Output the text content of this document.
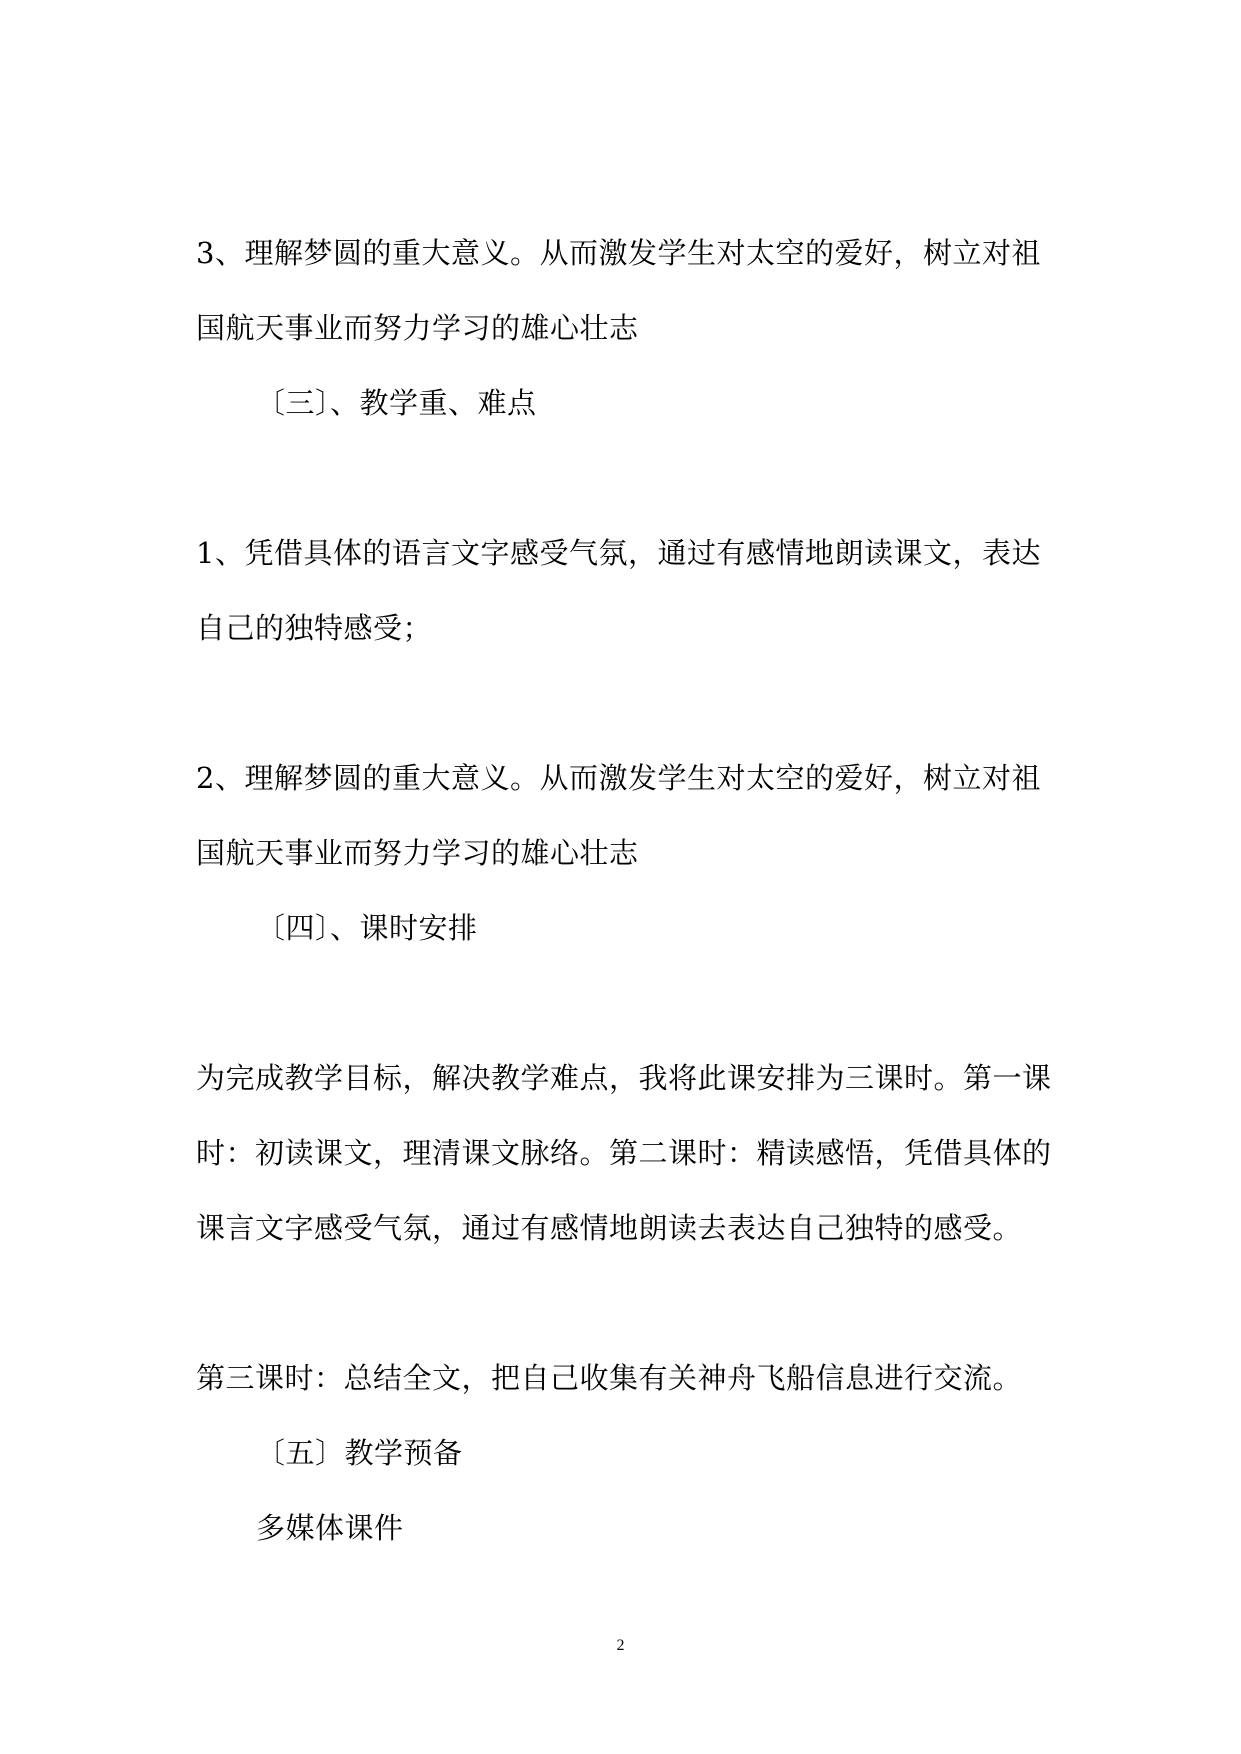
3、理解梦圆的重大意义。从而激发学生对太空的爱好，树立对祖
国航天事业而努力学习的雄心壮志
〔三〕、教学重、难点
1、凭借具体的语言文字感受气氛，通过有感情地朗读课文，表达
自己的独特感受；
2、理解梦圆的重大意义。从而激发学生对太空的爱好，树立对祖
国航天事业而努力学习的雄心壮志
〔四〕、课时安排
为完成教学目标，解决教学难点，我将此课安排为三课时。第一课
时：初读课文，理清课文脉络。第二课时：精读感悟，凭借具体的
课言文字感受气氛，通过有感情地朗读去表达自己独特的感受。
第三课时：总结全文，把自己收集有关神舟飞船信息进行交流。
〔五〕教学预备
多媒体课件
2
